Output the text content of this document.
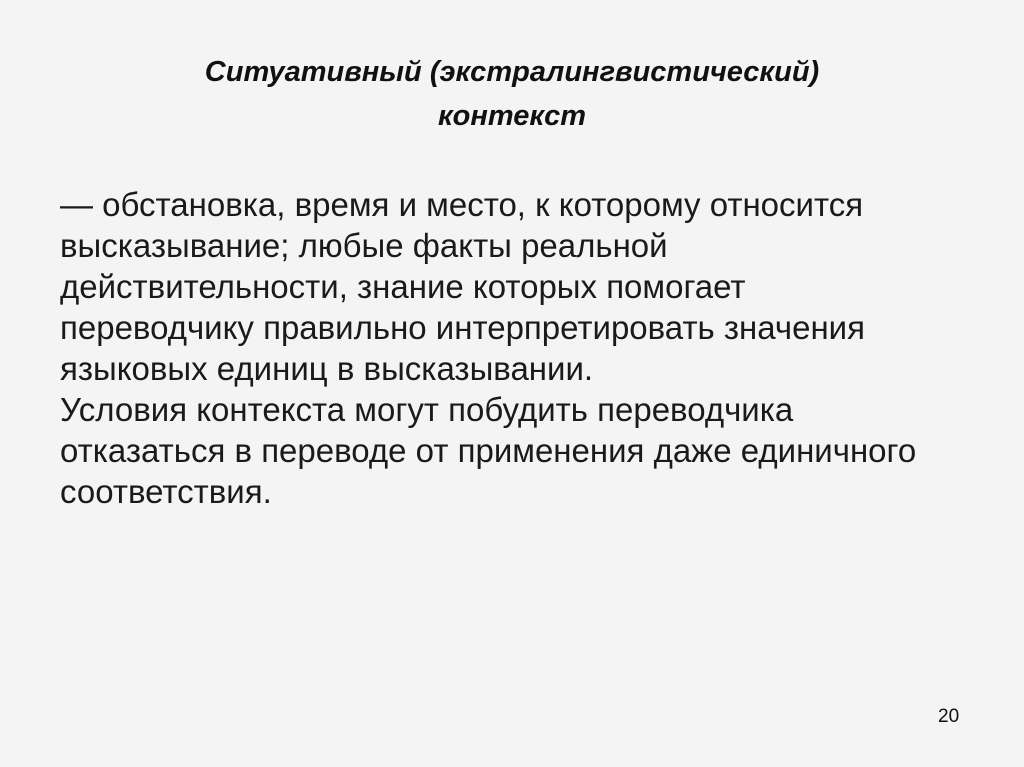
Ситуативный (экстралингвистический)
контекст
— обстановка, время и место, к которому относится
высказывание; любые факты реальной
действительности, знание которых помогает
переводчику правильно интерпретировать значения
языковых единиц в высказывании.
Условия контекста могут побудить переводчика
отказаться в переводе от применения даже единичного
соответствия.
20
